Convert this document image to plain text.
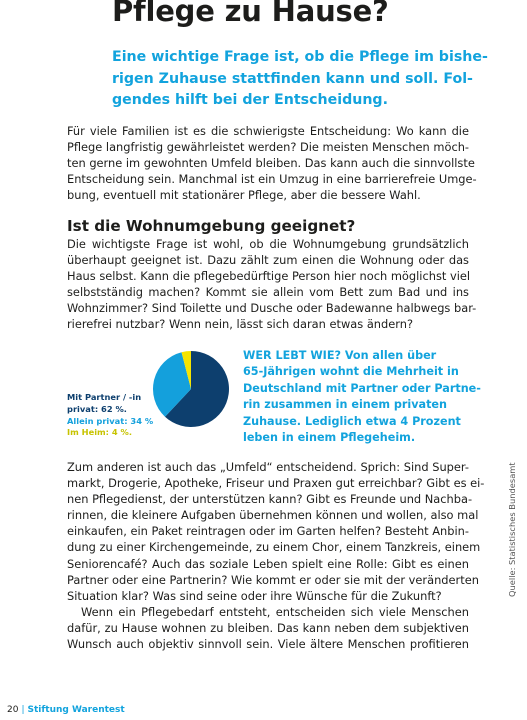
Pflege zu Hause?
Eine wichtige Frage ist, ob die Pflege im bishe-
rigen Zuhause stattfinden kann und soll. Fol-
gendes hilft bei der Entscheidung.
Für viele Familien ist es die schwierigste Entscheidung: Wo kann die
Pflege langfristig gewährleistet werden? Die meisten Menschen möch-
ten gerne im gewohnten Umfeld bleiben. Das kann auch die sinnvollste
Entscheidung sein. Manchmal ist ein Umzug in eine barrierefreie Umge-
bung, eventuell mit stationärer Pflege, aber die bessere Wahl.
Ist die Wohnumgebung geeignet?
Die wichtigste Frage ist wohl, ob die Wohnumgebung grundsätzlich
überhaupt geeignet ist. Dazu zählt zum einen die Wohnung oder das
Haus selbst. Kann die pflegebedürftige Person hier noch möglichst viel
selbstständig machen? Kommt sie allein vom Bett zum Bad und ins
Wohnzimmer? Sind Toilette und Dusche oder Badewanne halbwegs bar-
rierefrei nutzbar? Wenn nein, lässt sich daran etwas ändern?
Mit Partner / -in
privat: 62 %.
Allein privat: 34 %
Im Heim: 4 %.
WER LEBT WIE? Von allen über
65-Jährigen wohnt die Mehrheit in
Deutschland mit Partner oder Partne-
rin zusammen in einem privaten
Zuhause. Lediglich etwa 4 Prozent
leben in einem Pflegeheim.
Zum anderen ist auch das „Umfeld“ entscheidend. Sprich: Sind Super-
markt, Drogerie, Apotheke, Friseur und Praxen gut erreichbar? Gibt es ei-
nen Pflegedienst, der unterstützen kann? Gibt es Freunde und Nachba-
rinnen, die kleinere Aufgaben übernehmen können und wollen, also mal
einkaufen, ein Paket reintragen oder im Garten helfen? Besteht Anbin-
dung zu einer Kirchengemeinde, zu einem Chor, einem Tanzkreis, einem
Seniorencafé? Auch das soziale Leben spielt eine Rolle: Gibt es einen
Partner oder eine Partnerin? Wie kommt er oder sie mit der veränderten
Situation klar? Was sind seine oder ihre Wünsche für die Zukunft?
Wenn ein Pflegebedarf entsteht, entscheiden sich viele Menschen
dafür, zu Hause wohnen zu bleiben. Das kann neben dem subjektiven
Wunsch auch objektiv sinnvoll sein. Viele ältere Menschen profitieren
Quelle: Statistisches Bundesamt
20 | Stiftung Warentest
